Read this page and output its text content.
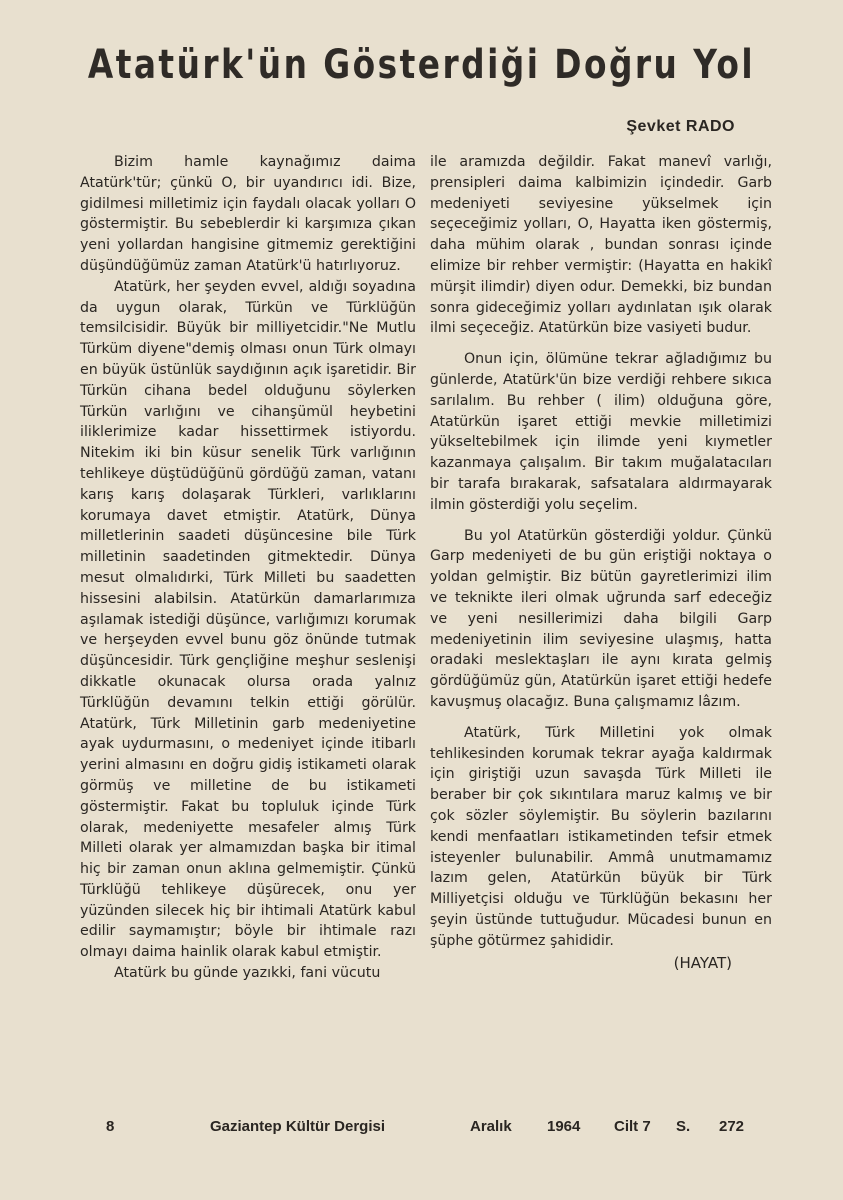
Atatürk'ün Gösterdiği Doğru Yol
Şevket RADO

Bizim hamle kaynağımız daima Atatürk'tür; çünkü O, bir uyandırıcı idi. Bize, gidilmesi milletimiz için faydalı olacak yolları O göstermiştir. Bu sebeblerdir ki karşımıza çıkan yeni yollardan hangisine gitmemiz gerektiğini düşündüğümüz zaman Atatürk'ü hatırlıyoruz.

Atatürk, her şeyden evvel, aldığı soyadına da uygun olarak, Türkün ve Türklüğün temsilcisidir. Büyük bir milliyetcidir."Ne Mutlu Türküm diyene"demiş olması onun Türk olmayı en büyük üstünlük saydığının açık işaretidir. Bir Türkün cihana bedel olduğunu söylerken Türkün varlığını ve cihanşümül heybetini iliklerimize kadar hissettirmek istiyordu. Nitekim iki bin küsur senelik Türk varlığının tehlikeye düştüdüğünü gördüğü zaman, vatanı karış karış dolaşarak Türkleri, varlıklarını korumaya davet etmiştir. Atatürk, Dünya milletlerinin saadeti düşüncesine bile Türk milletinin saadetinden gitmektedir. Dünya mesut olmalıdırki, Türk Milleti bu saadetten hissesini alabilsin. Atatürkün damarlarımıza aşılamak istediği düşünce, varlığımızı korumak ve herşeyden evvel bunu göz önünde tutmak düşüncesidir. Türk gençliğine meşhur seslenişi dikkatle okunacak olursa orada yalnız Türklüğün devamını telkin ettiği görülür. Atatürk, Türk Milletinin garb medeniyetine ayak uydurmasını, o medeniyet içinde itibarlı yerini almasını en doğru gidiş istikameti olarak görmüş ve milletine de bu istikameti göstermiştir. Fakat bu topluluk içinde Türk olarak, medeniyette mesafeler almış Türk Milleti olarak yer almamızdan başka bir itimal hiç bir zaman onun aklına gelmemiştir. Çünkü Türklüğü tehlikeye düşürecek, onu yer yüzünden silecek hiç bir ihtimali Atatürk kabul edilir saymamıştır; böyle bir ihtimale razı olmayı daima hainlik olarak kabul etmiştir.

Atatürk bu günde yazıkki, fani vücutu

ile aramızda değildir. Fakat manevî varlığı, prensipleri daima kalbimizin içindedir. Garb medeniyeti seviyesine yükselmek için seçeceğimiz yolları, O, Hayatta iken göstermiş, daha mühim olarak , bundan sonrası içinde elimize bir rehber vermiştir: (Hayatta en hakikî mürşit ilimdir) diyen odur. Demekki, biz bundan sonra gideceğimiz yolları aydınlatan ışık olarak ilmi seçeceğiz. Atatürkün bize vasiyeti budur.

Onun için, ölümüne tekrar ağladığımız bu günlerde, Atatürk'ün bize verdiği rehbere sıkıca sarılalım. Bu rehber ( ilim) olduğuna göre, Atatürkün işaret ettiği mevkie milletimizi yükseltebilmek için ilimde yeni kıymetler kazanmaya çalışalım. Bir takım muğalatacıları bir tarafa bırakarak, safsatalara aldırmayarak ilmin gösterdiği yolu seçelim.

Bu yol Atatürkün gösterdiği yoldur. Çünkü Garp medeniyeti de bu gün eriştiği noktaya o yoldan gelmiştir. Biz bütün gayretlerimizi ilim ve teknikte ileri olmak uğrunda sarf edeceğiz ve yeni nesillerimizi daha bilgili Garp medeniyetinin ilim seviyesine ulaşmış, hatta oradaki meslektaşları ile aynı kırata gelmiş gördüğümüz gün, Atatürkün işaret ettiği hedefe kavuşmuş olacağız. Buna çalışmamız lâzım.

Atatürk, Türk Milletini yok olmak tehlikesinden korumak tekrar ayağa kaldırmak için giriştiği uzun savaşda Türk Milleti ile beraber bir çok sıkıntılara maruz kalmış ve bir çok sözler söylemiştir. Bu söylerin bazılarını kendi menfaatları istikametinden tefsir etmek isteyenler bulunabilir. Ammâ unutmamamız lazım gelen, Atatürkün büyük bir Türk Milliyetçisi olduğu ve Türklüğün bekasını her şeyin üstünde tuttuğudur. Mücadesi bunun en şüphe götürmez şahididir.

(HAYAT)
8	Gaziantep Kültür Dergisi	Aralık 1964 Cilt 7 S. 272
